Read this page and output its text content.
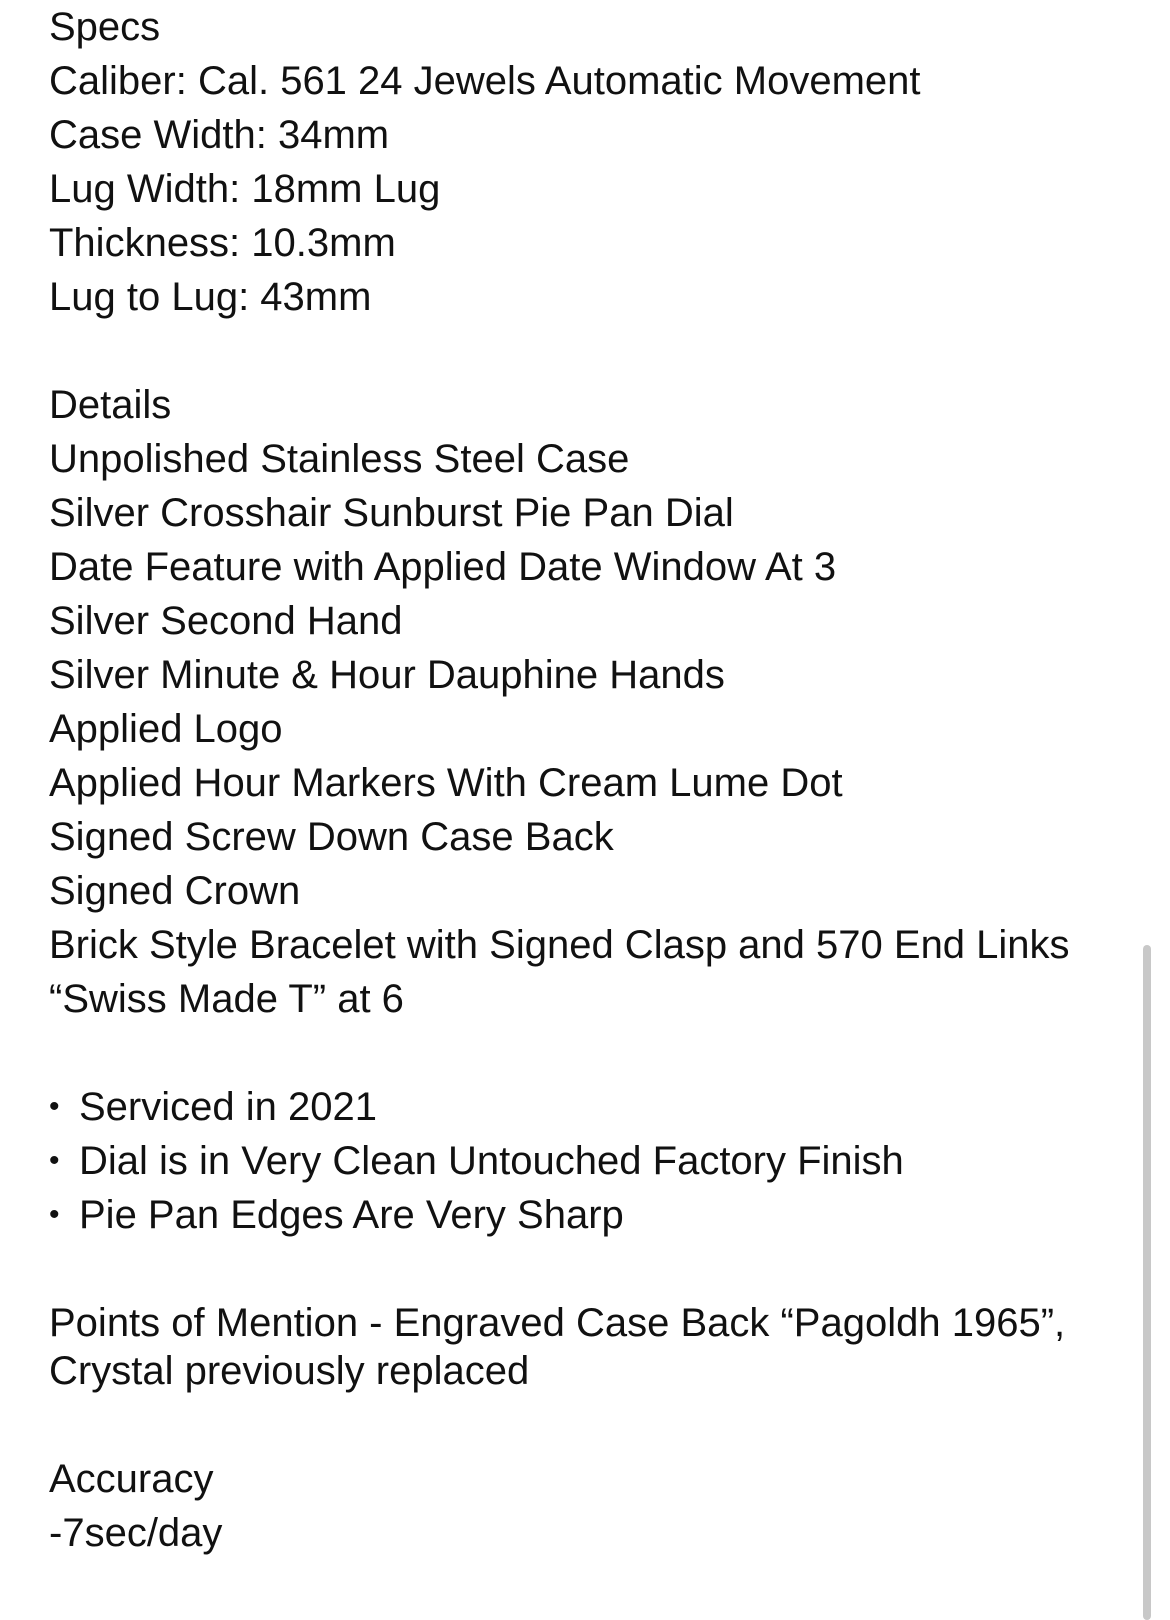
Specs
Caliber: Cal. 561 24 Jewels Automatic Movement
Case Width: 34mm
Lug Width: 18mm Lug
Thickness: 10.3mm
Lug to Lug: 43mm
Details
Unpolished Stainless Steel Case
Silver Crosshair Sunburst Pie Pan Dial
Date Feature with Applied Date Window At 3
Silver Second Hand
Silver Minute & Hour Dauphine Hands
Applied Logo
Applied Hour Markers With Cream Lume Dot
Signed Screw Down Case Back
Signed Crown
Brick Style Bracelet with Signed Clasp and 570 End Links
“Swiss Made T” at 6
• Serviced in 2021
• Dial is in Very Clean Untouched Factory Finish
• Pie Pan Edges Are Very Sharp
Points of Mention - Engraved Case Back “Pagoldh 1965”, Crystal previously replaced
Accuracy
-7sec/day
